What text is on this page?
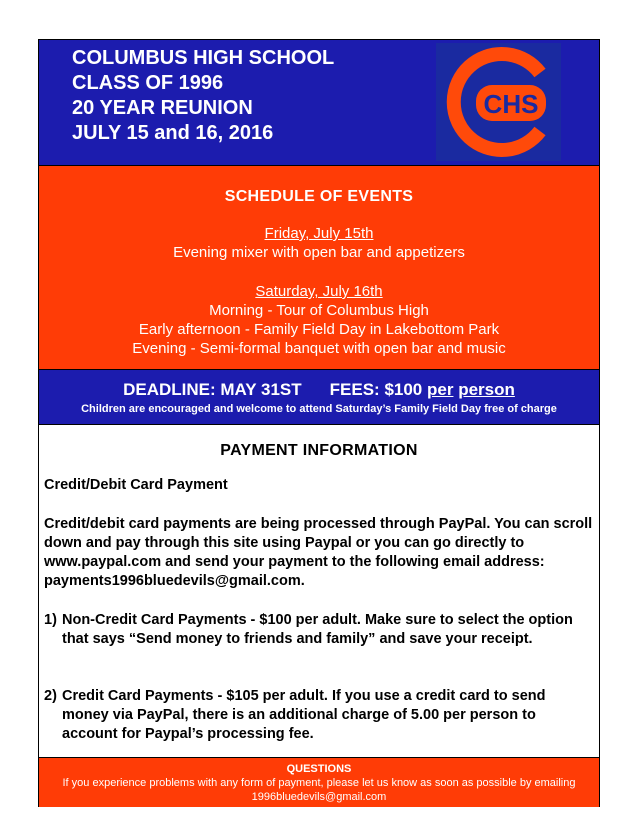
COLUMBUS HIGH SCHOOL
CLASS OF 1996
20 YEAR REUNION
JULY 15 and 16, 2016
CHS
SCHEDULE OF EVENTS
Friday, July 15th
Evening mixer with open bar and appetizers
Saturday, July 16th
Morning - Tour of Columbus High
Early afternoon - Family Field Day in Lakebottom Park
Evening - Semi-formal banquet with open bar and music
DEADLINE: MAY 31ST FEES: $100 per person
Children are encouraged and welcome to attend Saturday’s Family Field Day free of charge
PAYMENT INFORMATION
Credit/Debit Card Payment
Credit/debit card payments are being processed through PayPal. You can scroll down and pay through this site using Paypal or you can go directly to www.paypal.com and send your payment to the following email address: payments1996bluedevils@gmail.com.
1) Non-Credit Card Payments - $100 per adult. Make sure to select the option that says “Send money to friends and family” and save your receipt.
2) Credit Card Payments - $105 per adult. If you use a credit card to send money via PayPal, there is an additional charge of 5.00 per person to account for Paypal’s processing fee.
QUESTIONS
If you experience problems with any form of payment, please let us know as soon as possible by emailing 1996bluedevils@gmail.com
